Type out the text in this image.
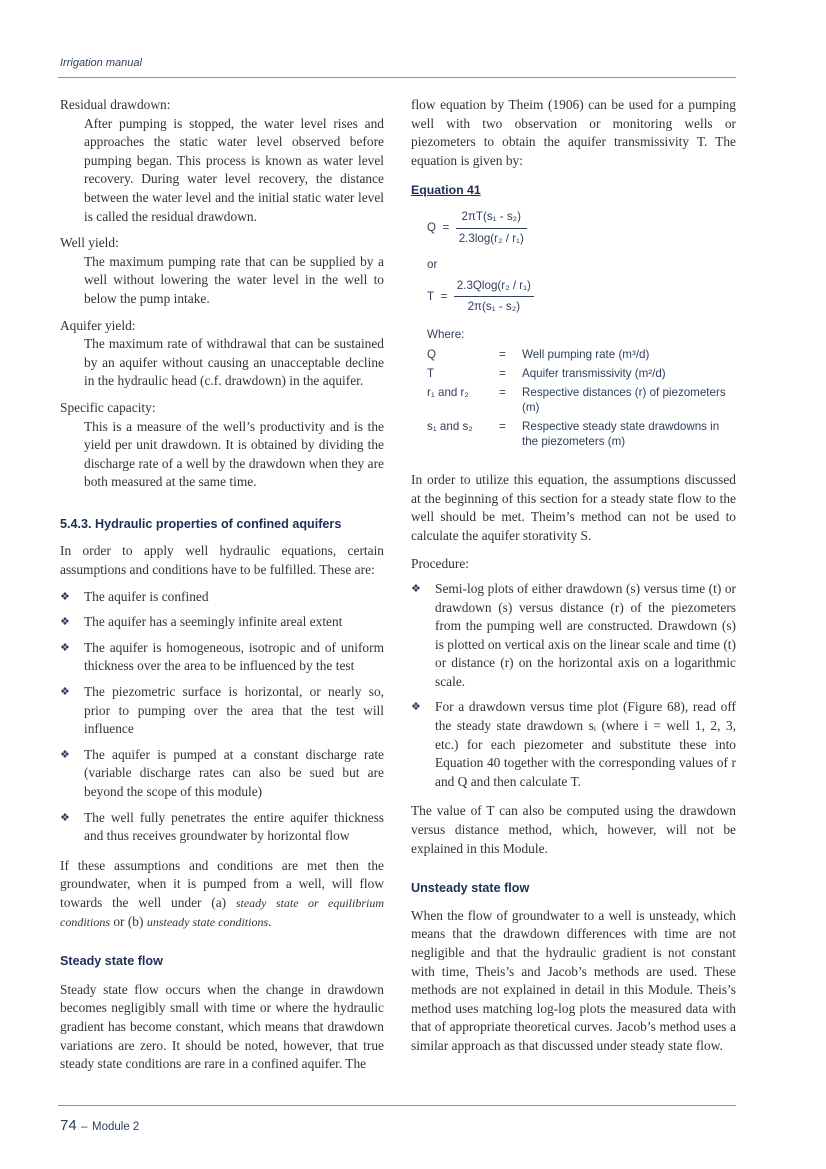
Irrigation manual

Residual drawdown:

After pumping is stopped, the water level rises and approaches the static water level observed before pumping began. This process is known as water level recovery. During water level recovery, the distance between the water level and the initial static water level is called the residual drawdown.

Well yield:

The maximum pumping rate that can be supplied by a well without lowering the water level in the well to below the pump intake.

Aquifer yield:

The maximum rate of withdrawal that can be sustained by an aquifer without causing an unacceptable decline in the hydraulic head (c.f. drawdown) in the aquifer.

Specific capacity:

This is a measure of the well’s productivity and is the yield per unit drawdown. It is obtained by dividing the discharge rate of a well by the drawdown when they are both measured at the same time.

5.4.3. Hydraulic properties of confined aquifers

In order to apply well hydraulic equations, certain assumptions and conditions have to be fulfilled. These are:

❖ The aquifer is confined
❖ The aquifer has a seemingly infinite areal extent
❖ The aquifer is homogeneous, isotropic and of uniform thickness over the area to be influenced by the test
❖ The piezometric surface is horizontal, or nearly so, prior to pumping over the area that the test will influence
❖ The aquifer is pumped at a constant discharge rate (variable discharge rates can also be sued but are beyond the scope of this module)
❖ The well fully penetrates the entire aquifer thickness and thus receives groundwater by horizontal flow

If these assumptions and conditions are met then the groundwater, when it is pumped from a well, will flow towards the well under (a) steady state or equilibrium conditions or (b) unsteady state conditions.

Steady state flow

Steady state flow occurs when the change in drawdown becomes negligibly small with time or where the hydraulic gradient has become constant, which means that drawdown variations are zero. It should be noted, however, that true steady state conditions are rare in a confined aquifer. The

flow equation by Theim (1906) can be used for a pumping well with two observation or monitoring wells or piezometers to obtain the aquifer transmissivity T. The equation is given by:

Equation 41

$Q = \frac{\text{2πT(s₁ - s₂)}}{\text{2.3log(r₂ / r₁)}}$

or

$T = \frac{\text{2.3Qlog(r₂ / r₁)}}{\text{2π(s₁ - s₂)}}$

Where:

Q	=	Well pumping rate (m³/d)
T	=	Aquifer transmissivity (m²/d)
r₁ and r₂	=	Respective distances (r) of piezometers (m)
s₁ and s₂	=	Respective steady state drawdowns in the piezometers (m)

In order to utilize this equation, the assumptions discussed at the beginning of this section for a steady state flow to the well should be met. Theim’s method can not be used to calculate the aquifer storativity S.

Procedure:

❖ Semi-log plots of either drawdown (s) versus time (t) or drawdown (s) versus distance (r) of the piezometers from the pumping well are constructed. Drawdown (s) is plotted on vertical axis on the linear scale and time (t) or distance (r) on the horizontal axis on a logarithmic scale.
❖ For a drawdown versus time plot (Figure 68), read off the steady state drawdown sᵢ (where i = well 1, 2, 3, etc.) for each piezometer and substitute these into Equation 40 together with the corresponding values of r and Q and then calculate T.

The value of T can also be computed using the drawdown versus distance method, which, however, will not be explained in this Module.

Unsteady state flow

When the flow of groundwater to a well is unsteady, which means that the drawdown differences with time are not negligible and that the hydraulic gradient is not constant with time, Theis’s and Jacob’s methods are used. These methods are not explained in detail in this Module. Theis’s method uses matching log-log plots the measured data with that of appropriate theoretical curves. Jacob’s method uses a similar approach as that discussed under steady state flow.

74 – Module 2
